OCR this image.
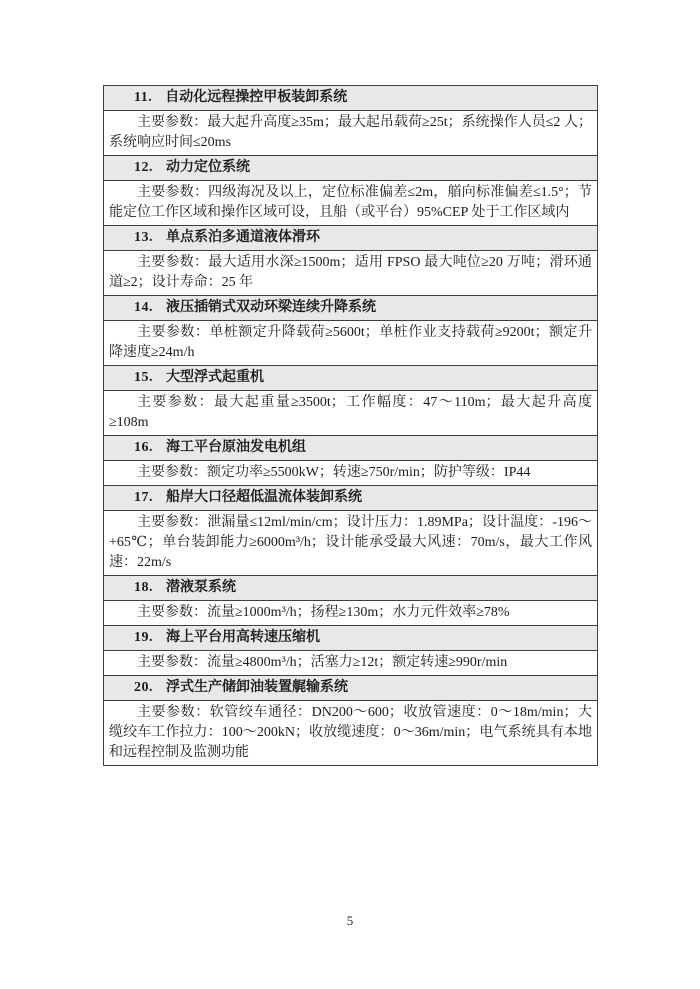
11. 自动化远程操控甲板装卸系统
主要参数：最大起升高度≥35m；最大起吊载荷≥25t；系统操作人员≤2 人；系统响应时间≤20ms
12. 动力定位系统
主要参数：四级海况及以上，定位标准偏差≤2m，艏向标准偏差≤1.5°；节能定位工作区域和操作区域可设，且船（或平台）95%CEP 处于工作区域内
13. 单点系泊多通道液体滑环
主要参数：最大适用水深≥1500m；适用 FPSO 最大吨位≥20 万吨；滑环通道≥2；设计寿命：25 年
14. 液压插销式双动环梁连续升降系统
主要参数：单桩额定升降载荷≥5600t；单桩作业支持载荷≥9200t；额定升降速度≥24m/h
15. 大型浮式起重机
主要参数：最大起重量≥3500t；工作幅度：47～110m；最大起升高度≥108m
16. 海工平台原油发电机组
主要参数：额定功率≥5500kW；转速≥750r/min；防护等级：IP44
17. 船岸大口径超低温流体装卸系统
主要参数：泄漏量≤12ml/min/cm；设计压力：1.89MPa；设计温度：-196～+65℃；单台装卸能力≥6000m³/h；设计能承受最大风速：70m/s，最大工作风速：22m/s
18. 潜液泵系统
主要参数：流量≥1000m³/h；扬程≥130m；水力元件效率≥78%
19. 海上平台用高转速压缩机
主要参数：流量≥4800m³/h；活塞力≥12t；额定转速≥990r/min
20. 浮式生产储卸油装置艉输系统
主要参数：软管绞车通径：DN200～600；收放管速度：0～18m/min；大缆绞车工作拉力：100～200kN；收放缆速度：0～36m/min；电气系统具有本地和远程控制及监测功能
5
